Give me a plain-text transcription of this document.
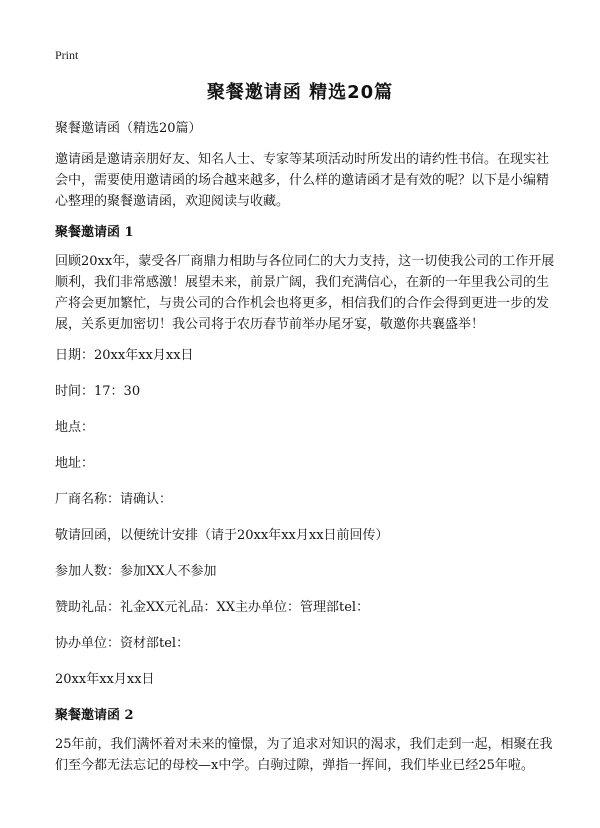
Print
聚餐邀请函 精选20篇

聚餐邀请函（精选20篇）

邀请函是邀请亲朋好友、知名人士、专家等某项活动时所发出的请约性书信。在现实社会中，需要使用邀请函的场合越来越多，什么样的邀请函才是有效的呢？以下是小编精心整理的聚餐邀请函，欢迎阅读与收藏。

聚餐邀请函 1

回顾20xx年，蒙受各厂商鼎力相助与各位同仁的大力支持，这一切使我公司的工作开展顺利，我们非常感激！展望未来，前景广阔，我们充满信心，在新的一年里我公司的生产将会更加繁忙，与贵公司的合作机会也将更多，相信我们的合作会得到更进一步的发展，关系更加密切！我公司将于农历春节前举办尾牙宴，敬邀你共襄盛举！

日期：20xx年xx月xx日

时间：17：30

地点：

地址：

厂商名称：请确认：

敬请回函，以便统计安排（请于20xx年xx月xx日前回传）

参加人数：参加XX人不参加

赞助礼品：礼金XX元礼品：XX主办单位：管理部tel：

协办单位：资材部tel：

20xx年xx月xx日

聚餐邀请函 2

25年前，我们满怀着对未来的憧憬，为了追求对知识的渴求，我们走到一起，相聚在我们至今都无法忘记的母校—x中学。白驹过隙，弹指一挥间，我们毕业已经25年啦。
